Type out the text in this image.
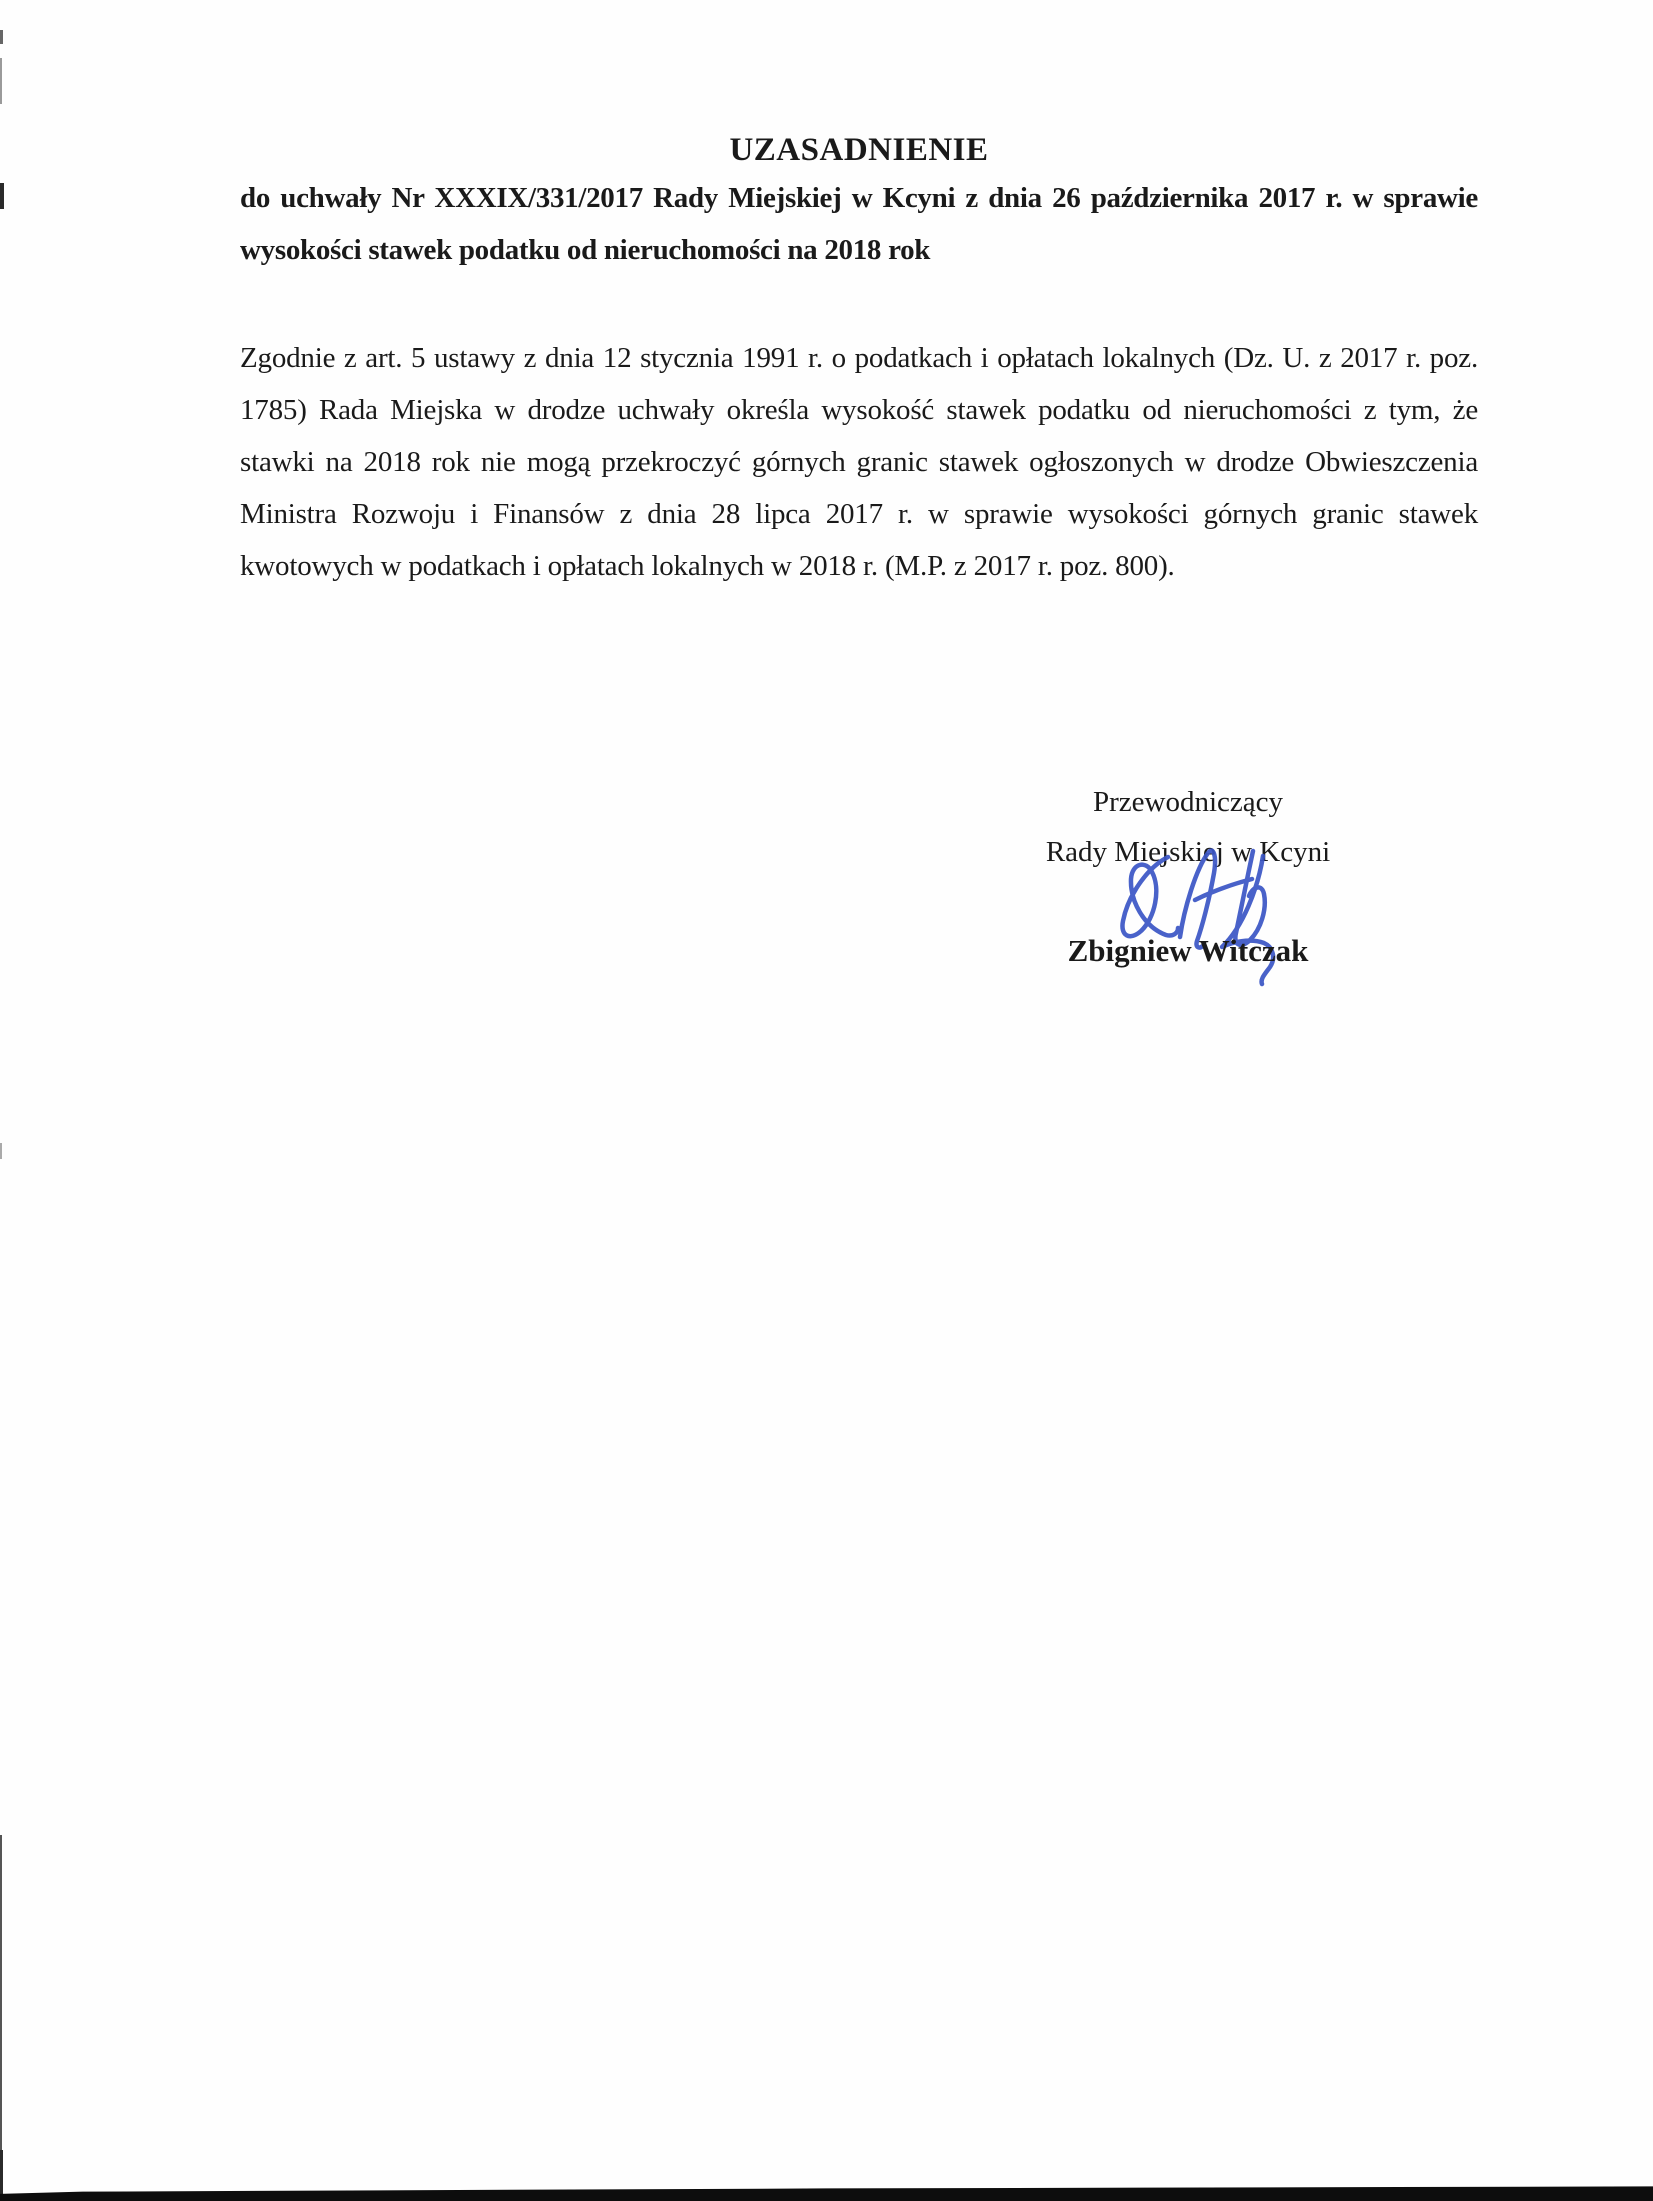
UZASADNIENIE
do uchwały Nr XXXIX/331/2017 Rady Miejskiej w Kcyni z dnia 26 października 2017 r. w sprawie
wysokości stawek podatku od nieruchomości na 2018 rok
Zgodnie z art. 5 ustawy z dnia 12 stycznia 1991 r. o podatkach i opłatach lokalnych (Dz. U. z 2017 r. poz.
1785) Rada Miejska w drodze uchwały określa wysokość stawek podatku od nieruchomości z tym, że
stawki na 2018 rok nie mogą przekroczyć górnych granic stawek ogłoszonych w drodze Obwieszczenia
Ministra Rozwoju i Finansów z dnia 28 lipca 2017 r. w sprawie wysokości górnych granic stawek
kwotowych w podatkach i opłatach lokalnych w 2018 r. (M.P. z 2017 r. poz. 800).
Przewodniczący
Rady Miejskiej w Kcyni
Zbigniew Witczak
